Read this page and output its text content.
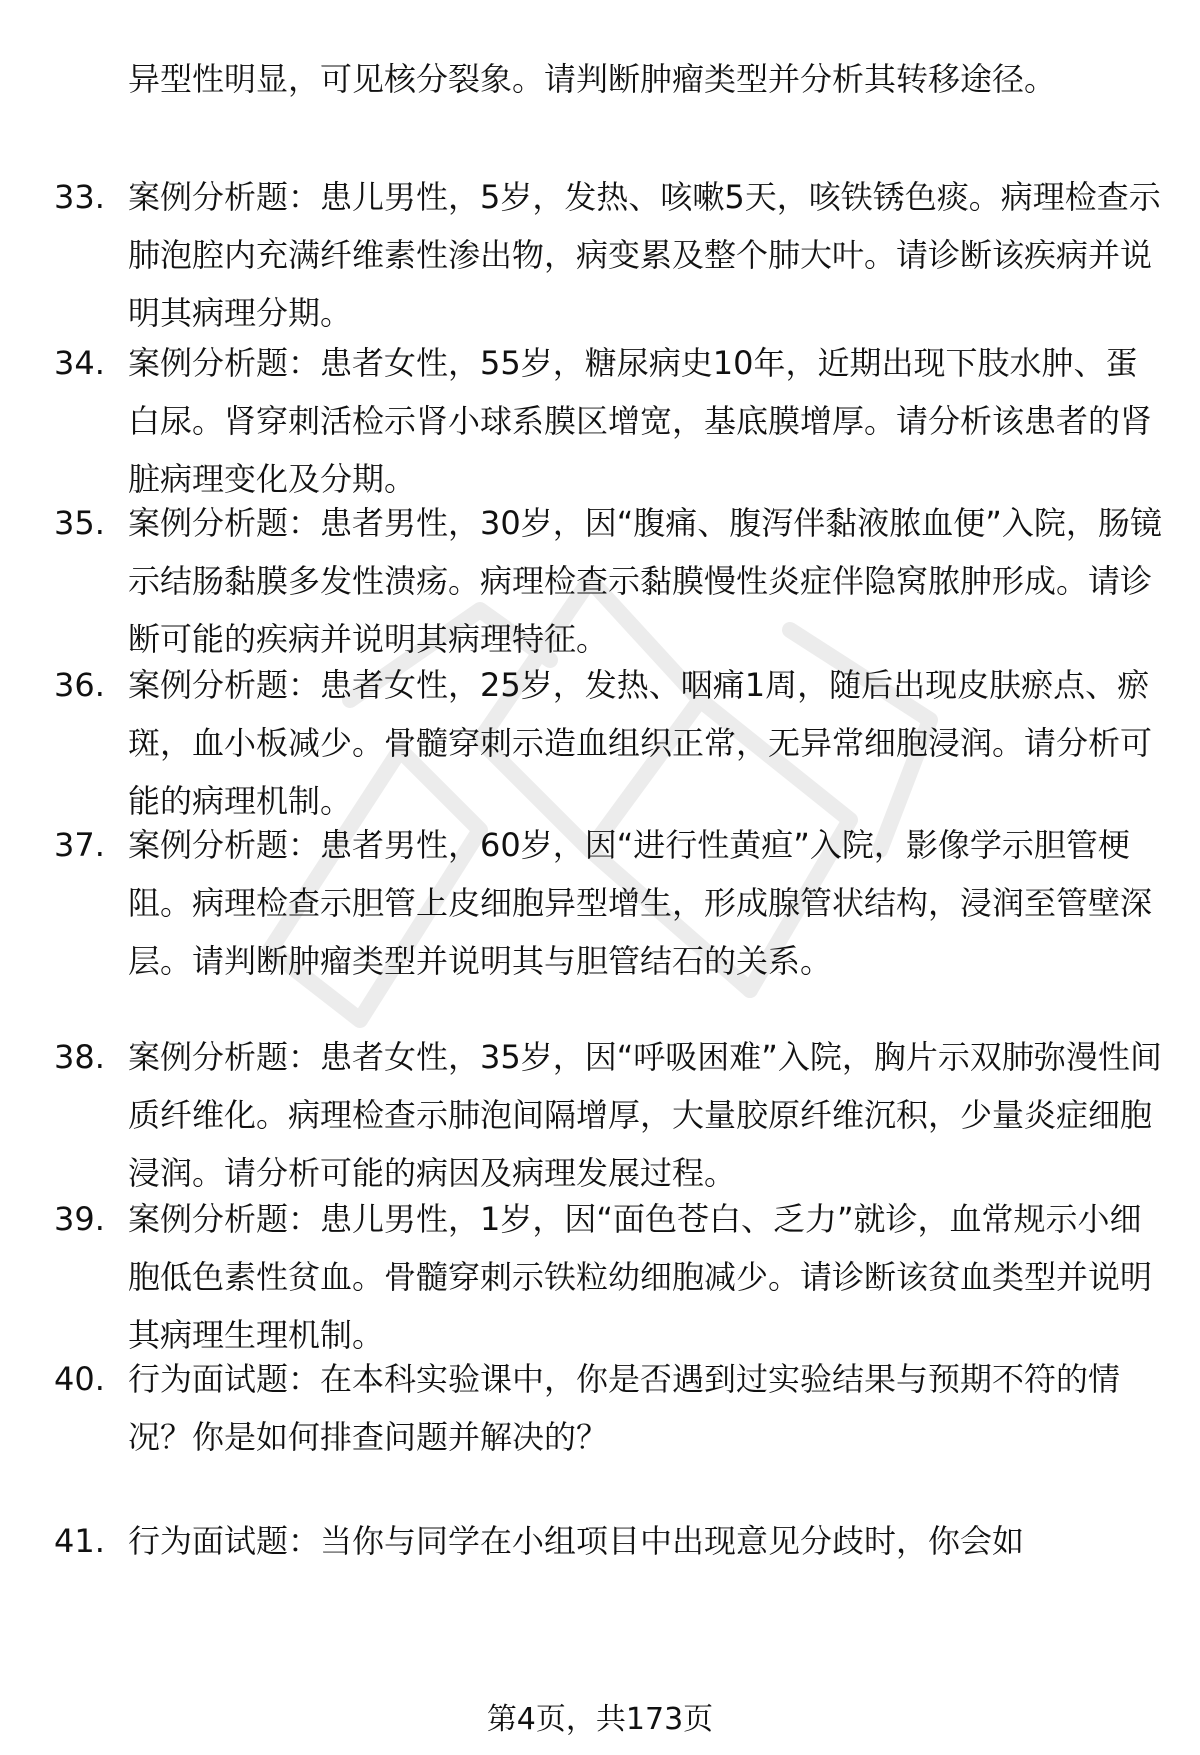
异型性明显，可见核分裂象。请判断肿瘤类型并分析其转移途径。
33. 案例分析题：患儿男性，5岁，发热、咳嗽5天，咳铁锈色痰。病理检查示肺泡腔内充满纤维素性渗出物，病变累及整个肺大叶。请诊断该疾病并说明其病理分期。
34. 案例分析题：患者女性，55岁，糖尿病史10年，近期出现下肢水肿、蛋白尿。肾穿刺活检示肾小球系膜区增宽，基底膜增厚。请分析该患者的肾脏病理变化及分期。
35. 案例分析题：患者男性，30岁，因“腹痛、腹泻伴黏液脓血便”入院，肠镜示结肠黏膜多发性溃疡。病理检查示黏膜慢性炎症伴隐窝脓肿形成。请诊断可能的疾病并说明其病理特征。
36. 案例分析题：患者女性，25岁，发热、咽痛1周，随后出现皮肤瘀点、瘀斑，血小板减少。骨髓穿刺示造血组织正常，无异常细胞浸润。请分析可能的病理机制。
37. 案例分析题：患者男性，60岁，因“进行性黄疸”入院，影像学示胆管梗阻。病理检查示胆管上皮细胞异型增生，形成腺管状结构，浸润至管壁深层。请判断肿瘤类型并说明其与胆管结石的关系。
38. 案例分析题：患者女性，35岁，因“呼吸困难”入院，胸片示双肺弥漫性间质纤维化。病理检查示肺泡间隔增厚，大量胶原纤维沉积，少量炎症细胞浸润。请分析可能的病因及病理发展过程。
39. 案例分析题：患儿男性，1岁，因“面色苍白、乏力”就诊，血常规示小细胞低色素性贫血。骨髓穿刺示铁粒幼细胞减少。请诊断该贫血类型并说明其病理生理机制。
40. 行为面试题：在本科实验课中，你是否遇到过实验结果与预期不符的情况？你是如何排查问题并解决的？
41. 行为面试题：当你与同学在小组项目中出现意见分歧时，你会如
第4页，共173页
